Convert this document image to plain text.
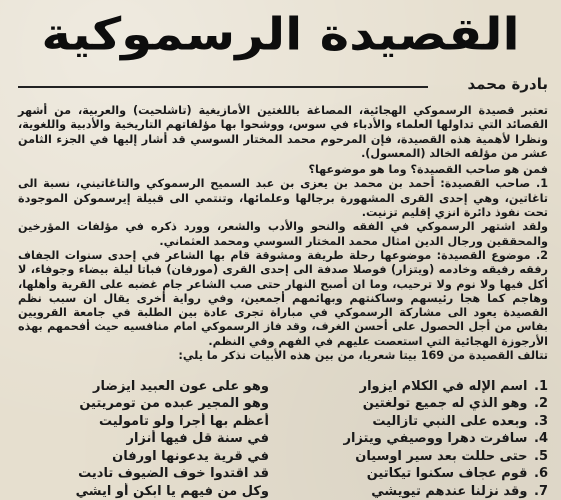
القصيدة الرسموكية
بادرة محمد

تعتبر قصيدة الرسموكي الهجائية، المصاغة باللغتين الأمازيغية (تاشلحيت) والعربية، من أشهر القصائد التي تداولها العلماء والأدباء في سوس، ووشحوا بها مؤلفاتهم التاريخية والأدبية واللغوية، ونظرا لأهمية هذه القصيدة، فإن المرحوم محمد المختار السوسي قد أشار إليها في الجزء الثامن عشر من مؤلفه الخالد (المعسول).

فمن هو صاحب القصيدة؟ وما هو موضوعها؟

1. صاحب القصيدة: أحمد بن محمد بن يعزى بن عبد السميح الرسموكي والتاغاتيني، نسبة الى تاغاتين، وهي إحدى القرى المشهورة برجالها وعلمائها، وتنتمي الى قبيلة إيرسموكن الموجودة تحت نفوذ دائرة انزي إقليم تزنيت.

ولقد اشتهر الرسموكي في الفقه والنحو والأدب والشعر، وورد ذكره في مؤلفات المؤرخين والمحققين ورجال الدين امثال محمد المختار السوسي ومحمد العثماني.

2. موضوع القصيدة: موضوعها رحلة طريفة ومشوقة قام بها الشاعر في إحدى سنوات الجفاف رفقه رفيقه وخادمه (ويتزار) فوصلا صدفة الى إحدى القرى (مورفان) فباتا ليلة بيضاء وجوفاء، لا أكل فيها ولا نوم ولا ترحيب، وما ان أصبح النهار حتى صب الشاعر جام غضبه على القرية وأهلها، وهاجم كما هجا رئيسهم وساكنتهم وبهائمهم أجمعين، وفي رواية أخرى يقال ان سبب نظم القصيدة يعود الى مشاركة الرسموكي في مباراة تجرى عادة بين الطلبة في جامعة القرويين بفاس من أجل الحصول على أحسن الغرف، وقد فاز الرسموكي امام منافسيه حيث أفحمهم بهذه الأرجوزة الهجائية التي استعصت عليهم في الفهم وفي النظم.

تتالف القصيدة من 169 بيتا شعريا، من بين هذه الأبيات نذكر ما يلي:

1. اسم الإله في الكلام ايزوار
وهو على عون العبيد ايزضار
2. وهو الذي له جميع تولغتين
وهو المجير عبده من تومريتين
3. وبعده على النبي تازاليت
أعظم بها أجرا ولو تاموليت
4. سافرت دهرا ووصيفي ويتزار
في سنة قل فيها أنزار
5. حتى حللت بعد سير اوسيان
في قرية يدعونها اورفان
6. قوم عجاف سكنوا تيكاتين
قد اقتدوا خوف الضيوف تاديت
7. وقد نزلنا عندهم تيويشي
وكل من فيهم يا ابكن أو ايشي
